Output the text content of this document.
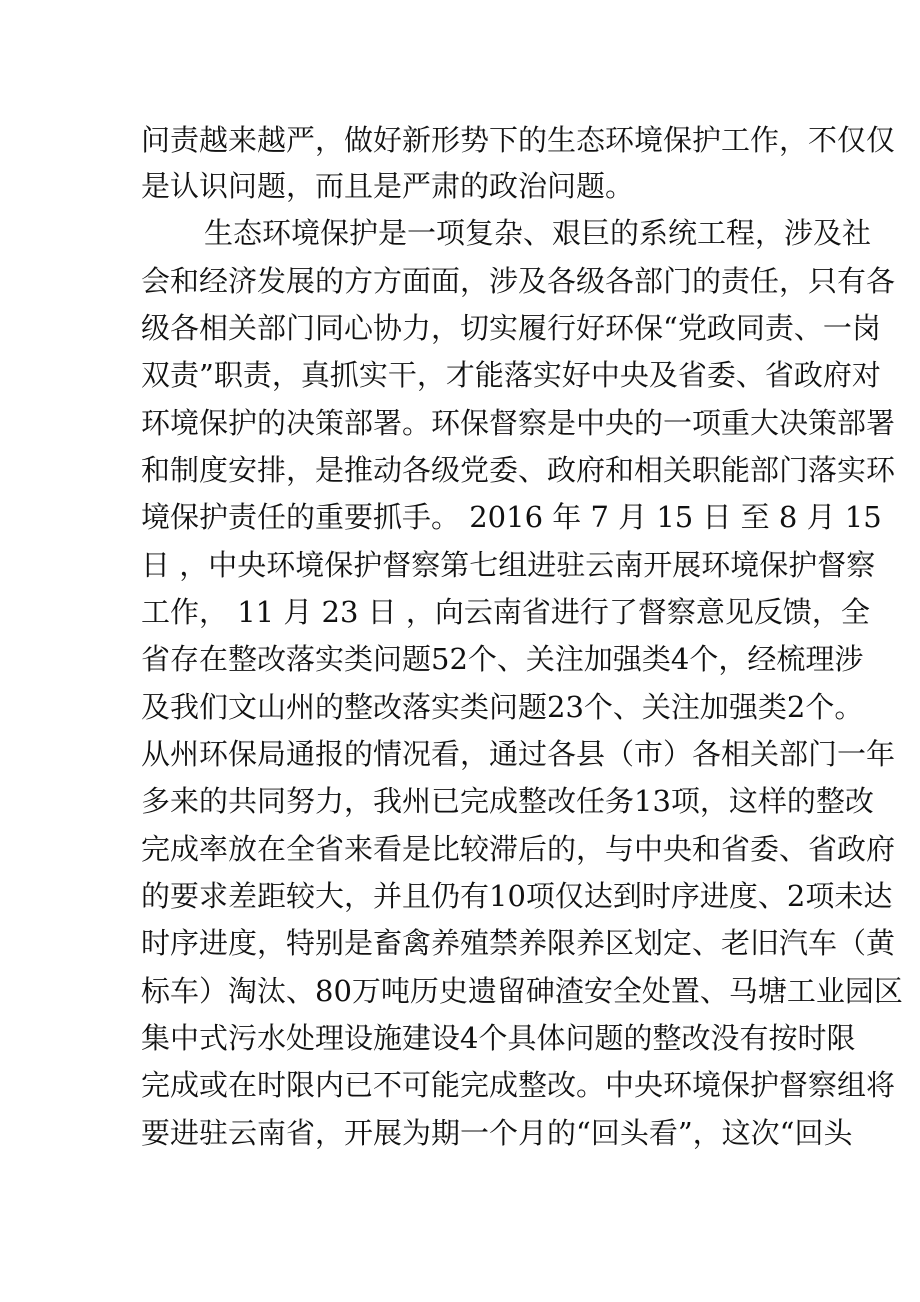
问责越来越严，做好新形势下的生态环境保护工作，不仅仅
是认识问题，而且是严肃的政治问题。
生态环境保护是一项复杂、艰巨的系统工程，涉及社
会和经济发展的方方面面，涉及各级各部门的责任，只有各
级各相关部门同心协力，切实履行好环保“党政同责、一岗
双责”职责，真抓实干，才能落实好中央及省委、省政府对
环境保护的决策部署。环保督察是中央的一项重大决策部署
和制度安排，是推动各级党委、政府和相关职能部门落实环
境保护责任的重要抓手。 2016 年 7 月 15 日 至 8 月 15
日 ，中央环境保护督察第七组进驻云南开展环境保护督察
工作， 11 月 23 日 ，向云南省进行了督察意见反馈，全
省存在整改落实类问题52个、关注加强类4个，经梳理涉
及我们文山州的整改落实类问题23个、关注加强类2个。
从州环保局通报的情况看，通过各县（市）各相关部门一年
多来的共同努力，我州已完成整改任务13项，这样的整改
完成率放在全省来看是比较滞后的，与中央和省委、省政府
的要求差距较大，并且仍有10项仅达到时序进度、2项未达
时序进度，特别是畜禽养殖禁养限养区划定、老旧汽车（黄
标车）淘汰、80万吨历史遗留砷渣安全处置、马塘工业园区
集中式污水处理设施建设4个具体问题的整改没有按时限
完成或在时限内已不可能完成整改。中央环境保护督察组将
要进驻云南省，开展为期一个月的“回头看”，这次“回头
